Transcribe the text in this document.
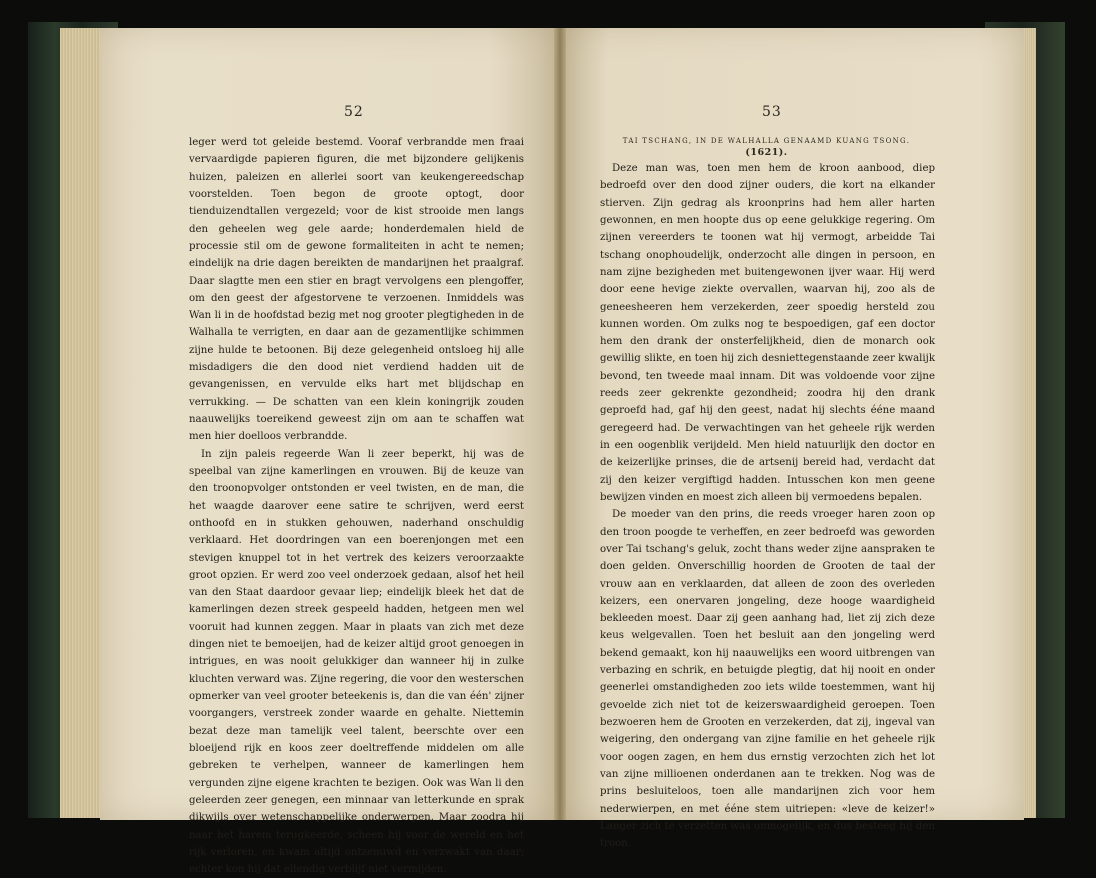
52	53

leger werd tot geleide bestemd. Vooraf verbrandde men fraai vervaardigde papieren figuren, die met bijzondere gelijkenis huizen, paleizen en allerlei soort van keukengereedschap voorstelden. Toen begon de groote optogt, door tienduizendtallen vergezeld; voor de kist strooide men langs den geheelen weg gele aarde; honderdemalen hield de processie stil om de gewone formaliteiten in acht te nemen; eindelijk na drie dagen bereikten de mandarijnen het praalgraf. Daar slagtte men een stier en bragt vervolgens een plengoffer, om den geest der afgestorvene te verzoenen. Inmiddels was Wan li in de hoofdstad bezig met nog grooter plegtigheden in de Walhalla te verrigten, en daar aan de gezamentlijke schimmen zijne hulde te betoonen. Bij deze gelegenheid ontsloeg hij alle misdadigers die den dood niet verdiend hadden uit de gevangenissen, en vervulde elks hart met blijdschap en verrukking. — De schatten van een klein koningrijk zouden naauwelijks toereikend geweest zijn om aan te schaffen wat men hier doelloos verbrandde.

In zijn paleis regeerde Wan li zeer beperkt, hij was de speelbal van zijne kamerlingen en vrouwen. Bij de keuze van den troonopvolger ontstonden er veel twisten, en de man, die het waagde daarover eene satire te schrijven, werd eerst onthoofd en in stukken gehouwen, naderhand onschuldig verklaard. Het doordringen van een boerenjongen met een stevigen knuppel tot in het vertrek des keizers veroorzaakte groot opzien. Er werd zoo veel onderzoek gedaan, alsof het heil van den Staat daardoor gevaar liep; eindelijk bleek het dat de kamerlingen dezen streek gespeeld hadden, hetgeen men wel vooruit had kunnen zeggen. Maar in plaats van zich met deze dingen niet te bemoeijen, had de keizer altijd groot genoegen in intrigues, en was nooit gelukkiger dan wanneer hij in zulke kluchten verward was. Zijne regering, die voor den westerschen opmerker van veel grooter beteekenis is, dan die van één' zijner voorgangers, verstreek zonder waarde en gehalte. Niettemin bezat deze man tamelijk veel talent, beerschte over een bloeijend rijk en koos zeer doeltreffende middelen om alle gebreken te verhelpen, wanneer de kamerlingen hem vergunden zijne eigene krachten te bezigen. Ook was Wan li den geleerden zeer genegen, een minnaar van letterkunde en sprak dikwijls over wetenschappelijke onderwerpen. Maar zoodra hij naar het harem terugkeerde, scheen hij voor de wereld en het rijk verloren, en kwam altijd ontzenuwd en verzwakt van daar; echter kon hij dat ellendig verblijf niet vermijden.

TAI TSCHANG, IN DE WALHALLA GENAAMD KUANG TSONG.
(1621).

Deze man was, toen men hem de kroon aanbood, diep bedroefd over den dood zijner ouders, die kort na elkander stierven. Zijn gedrag als kroonprins had hem aller harten gewonnen, en men hoopte dus op eene gelukkige regering. Om zijnen vereerders te toonen wat hij vermogt, arbeidde Tai tschang onophoudelijk, onderzocht alle dingen in persoon, en nam zijne bezigheden met buitengewonen ijver waar. Hij werd door eene hevige ziekte overvallen, waarvan hij, zoo als de geneesheeren hem verzekerden, zeer spoedig hersteld zou kunnen worden. Om zulks nog te bespoedigen, gaf een doctor hem den drank der onsterfelijkheid, dien de monarch ook gewillig slikte, en toen hij zich desniettegenstaande zeer kwalijk bevond, ten tweede maal innam. Dit was voldoende voor zijne reeds zeer gekrenkte gezondheid; zoodra hij den drank geproefd had, gaf hij den geest, nadat hij slechts ééne maand geregeerd had. De verwachtingen van het geheele rijk werden in een oogenblik verijdeld. Men hield natuurlijk den doctor en de keizerlijke prinses, die de artsenij bereid had, verdacht dat zij den keizer vergiftigd hadden. Intusschen kon men geene bewijzen vinden en moest zich alleen bij vermoedens bepalen.

De moeder van den prins, die reeds vroeger haren zoon op den troon poogde te verheffen, en zeer bedroefd was geworden over Tai tschang's geluk, zocht thans weder zijne aanspraken te doen gelden. Onverschillig hoorden de Grooten de taal der vrouw aan en verklaarden, dat alleen de zoon des overleden keizers, een onervaren jongeling, deze hooge waardigheid bekleeden moest. Daar zij geen aanhang had, liet zij zich deze keus welgevallen. Toen het besluit aan den jongeling werd bekend gemaakt, kon hij naauwelijks een woord uitbrengen van verbazing en schrik, en betuigde plegtig, dat hij nooit en onder geenerlei omstandigheden zoo iets wilde toestemmen, want hij gevoelde zich niet tot de keizerswaardigheid geroepen. Toen bezwoeren hem de Grooten en verzekerden, dat zij, ingeval van weigering, den ondergang van zijne familie en het geheele rijk voor oogen zagen, en hem dus ernstig verzochten zich het lot van zijne millioenen onderdanen aan te trekken. Nog was de prins besluiteloos, toen alle mandarijnen zich voor hem nederwierpen, en met ééne stem uitriepen: «leve de keizer!» Langer zich te verzetten was onmogelijk, en dus besteeg hij den troon.
